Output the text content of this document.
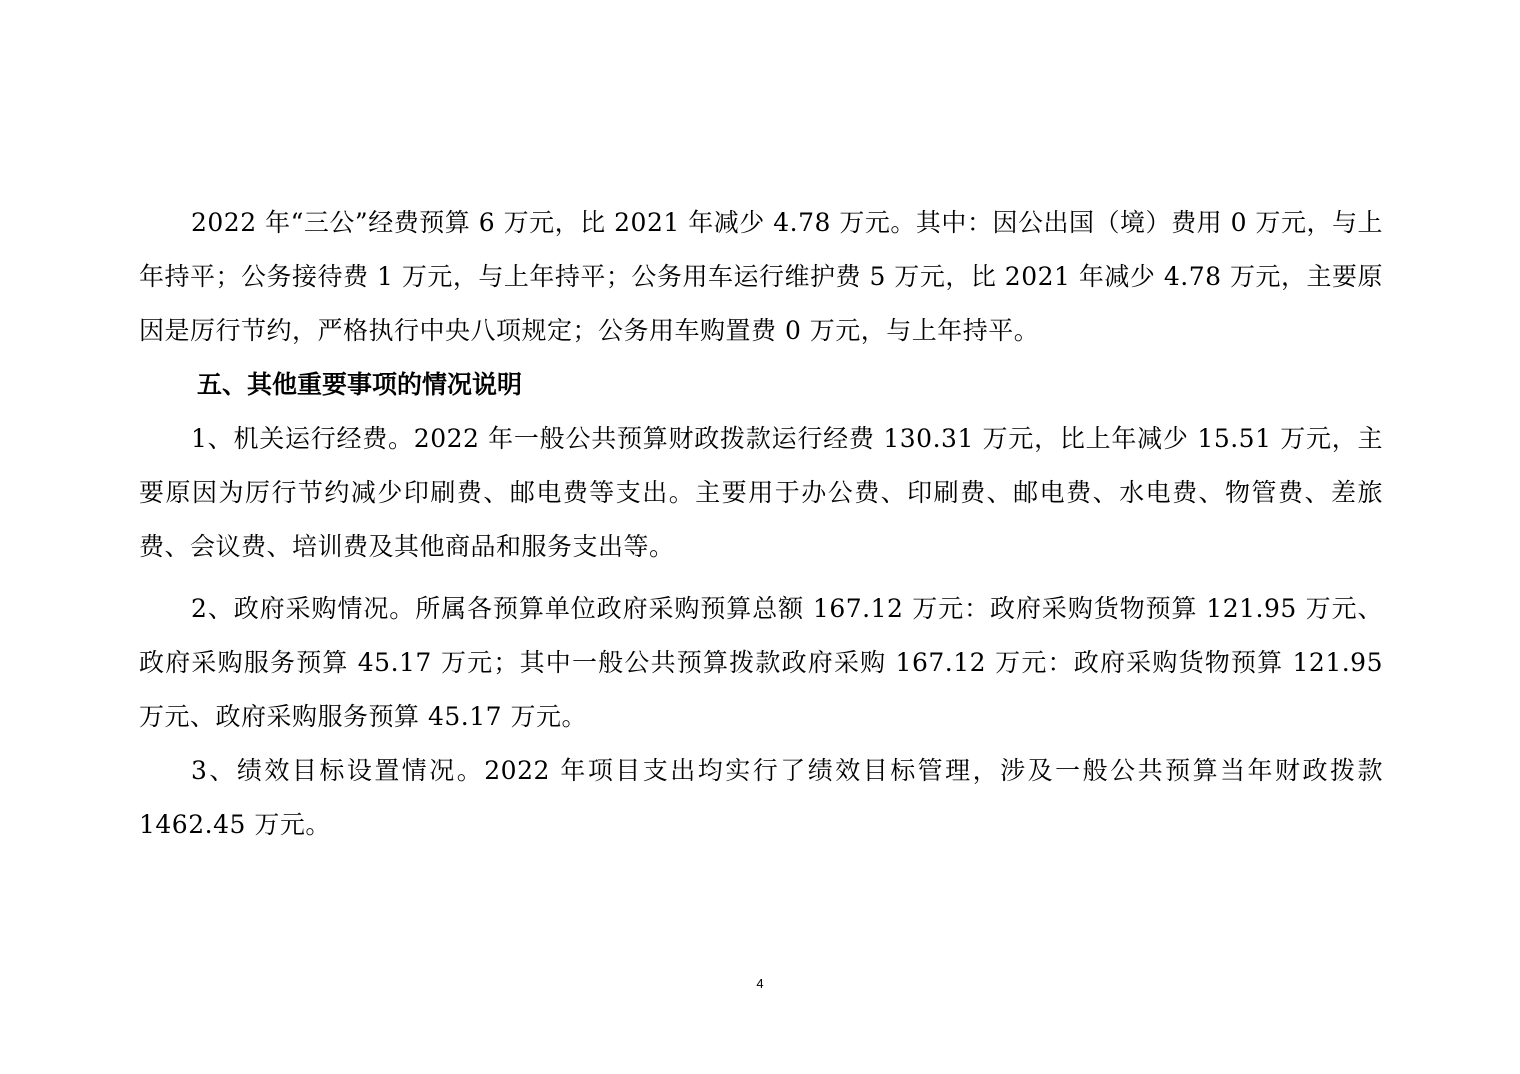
2022 年“三公”经费预算 6 万元，比 2021 年减少 4.78 万元。其中：因公出国（境）费用 0 万元，与上年持平；公务接待费 1 万元，与上年持平；公务用车运行维护费 5 万元，比 2021 年减少 4.78 万元，主要原因是厉行节约，严格执行中央八项规定；公务用车购置费 0 万元，与上年持平。

五、其他重要事项的情况说明

1、机关运行经费。2022 年一般公共预算财政拨款运行经费 130.31 万元，比上年减少 15.51 万元，主要原因为厉行节约减少印刷费、邮电费等支出。主要用于办公费、印刷费、邮电费、水电费、物管费、差旅费、会议费、培训费及其他商品和服务支出等。

2、政府采购情况。所属各预算单位政府采购预算总额 167.12 万元：政府采购货物预算 121.95 万元、政府采购服务预算 45.17 万元；其中一般公共预算拨款政府采购 167.12 万元：政府采购货物预算 121.95 万元、政府采购服务预算 45.17 万元。

3、绩效目标设置情况。2022 年项目支出均实行了绩效目标管理，涉及一般公共预算当年财政拨款 1462.45 万元。

4
